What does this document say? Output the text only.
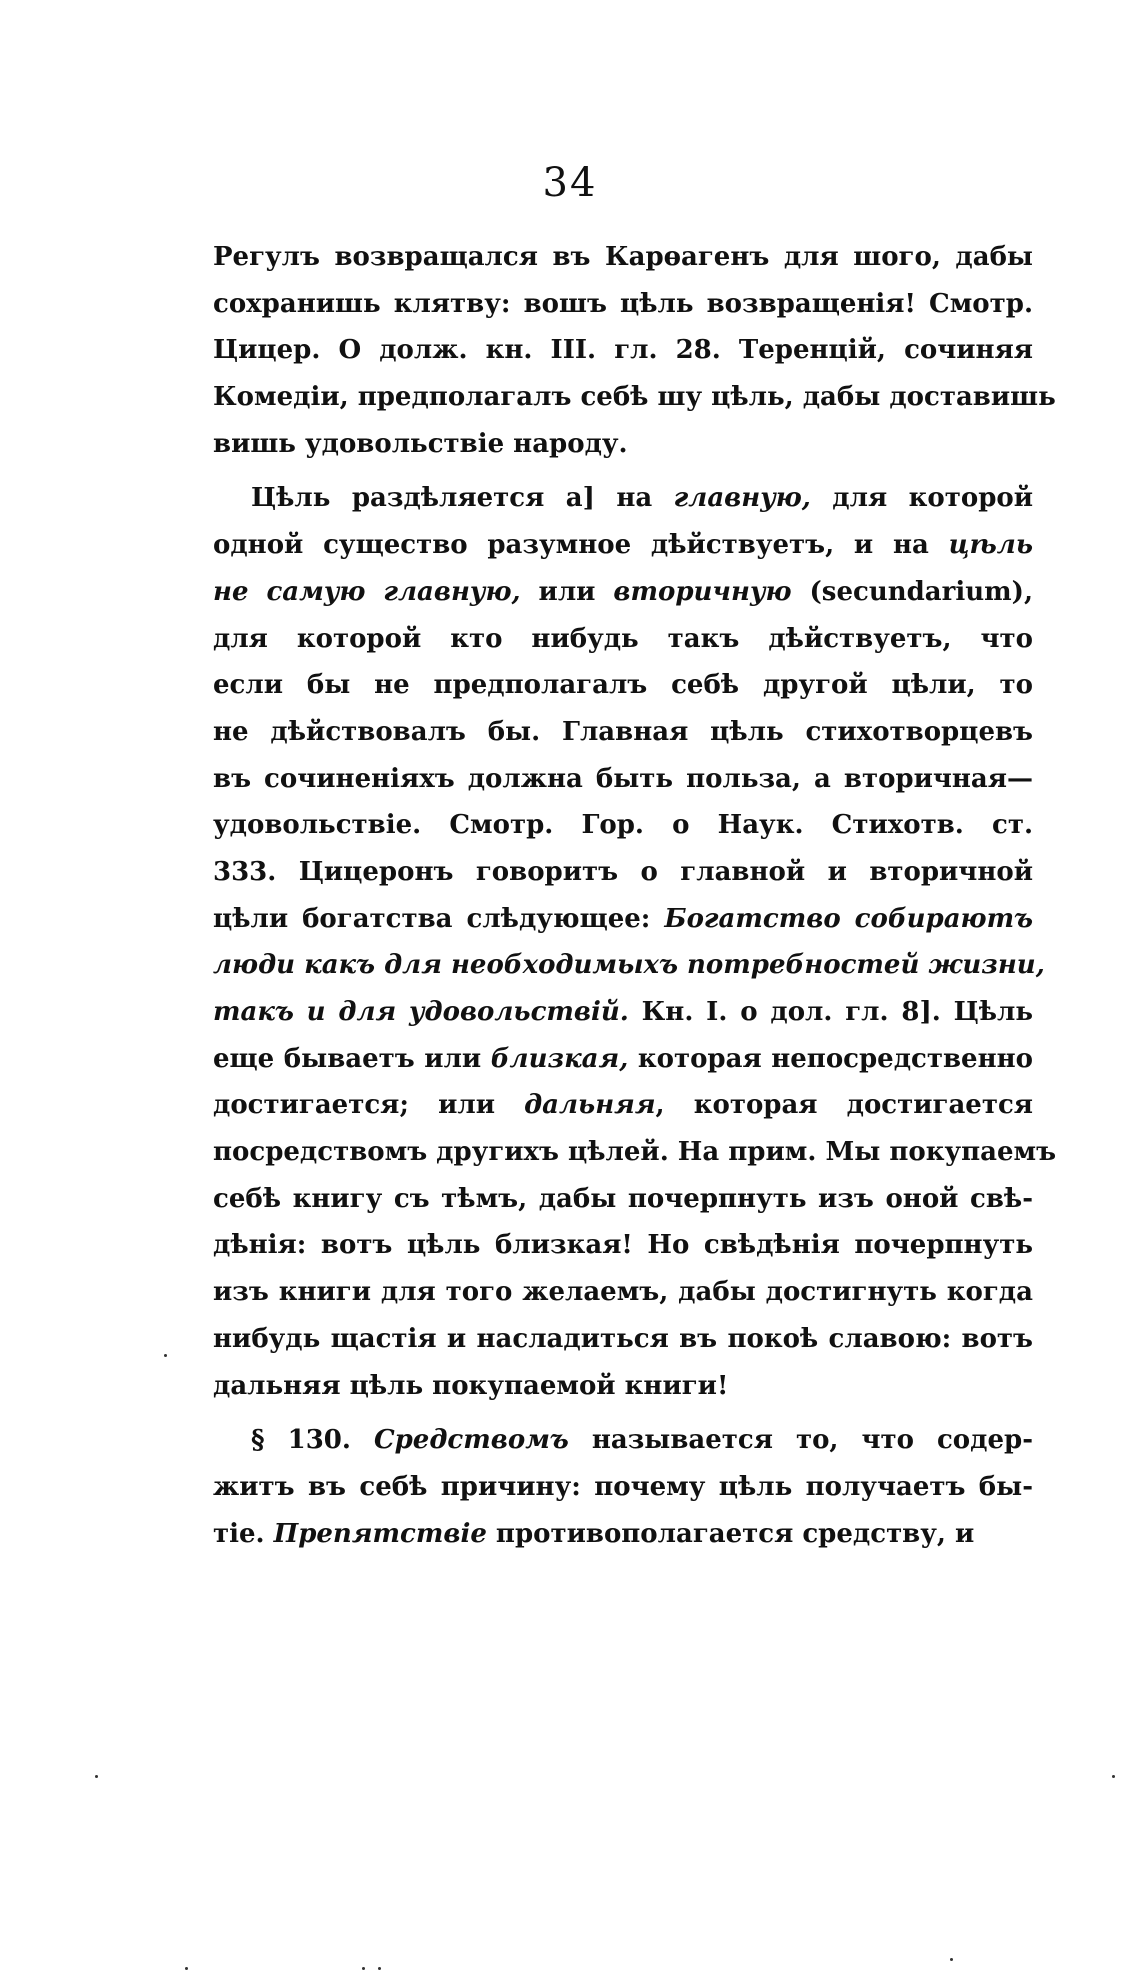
34
Регулъ возвращался въ Карөагенъ для шого, дабы
сохранишь клятву: вошъ цѣль возвращенія! Смотр.
Цицер. О долж. кн. III. гл. 28. Теренцій, сочиняя
Комедіи, предполагалъ себѣ шу цѣль, дабы доставишь
вишь удовольствіе народу.
Цѣль раздѣляется а] на главную, для которой
одной существо разумное дѣйствуетъ, и на цѣль
не самую главную, или вторичную (secundarium),
для которой кто нибудь такъ дѣйствуетъ, что
если бы не предполагалъ себѣ другой цѣли, то
не дѣйствовалъ бы. Главная цѣль стихотворцевъ
въ сочиненіяхъ должна быть польза, а вторичная—
удовольствіе. Смотр. Гор. о Наук. Стихотв. ст.
333. Цицеронъ говоритъ о главной и вторичной
цѣли богатства слѣдующее: Богатство собираютъ
люди какъ для необходимыхъ потребностей жизни,
такъ и для удовольствій. Кн. I. о дол. гл. 8]. Цѣль
еще бываетъ или близкая, которая непосредственно
достигается; или дальняя, которая достигается
посредствомъ другихъ цѣлей. На прим. Мы покупаемъ
себѣ книгу съ тѣмъ, дабы почерпнуть изъ оной свѣ-
дѣнія: вотъ цѣль близкая! Но свѣдѣнія почерпнуть
изъ книги для того желаемъ, дабы достигнуть когда
нибудь щастія и насладиться въ покоѣ славою: вотъ
дальняя цѣль покупаемой книги!
§ 130. Средствомъ называется то, что содер-
житъ въ себѣ причину: почему цѣль получаетъ бы-
тіе. Препятствіе противополагается средству, и
